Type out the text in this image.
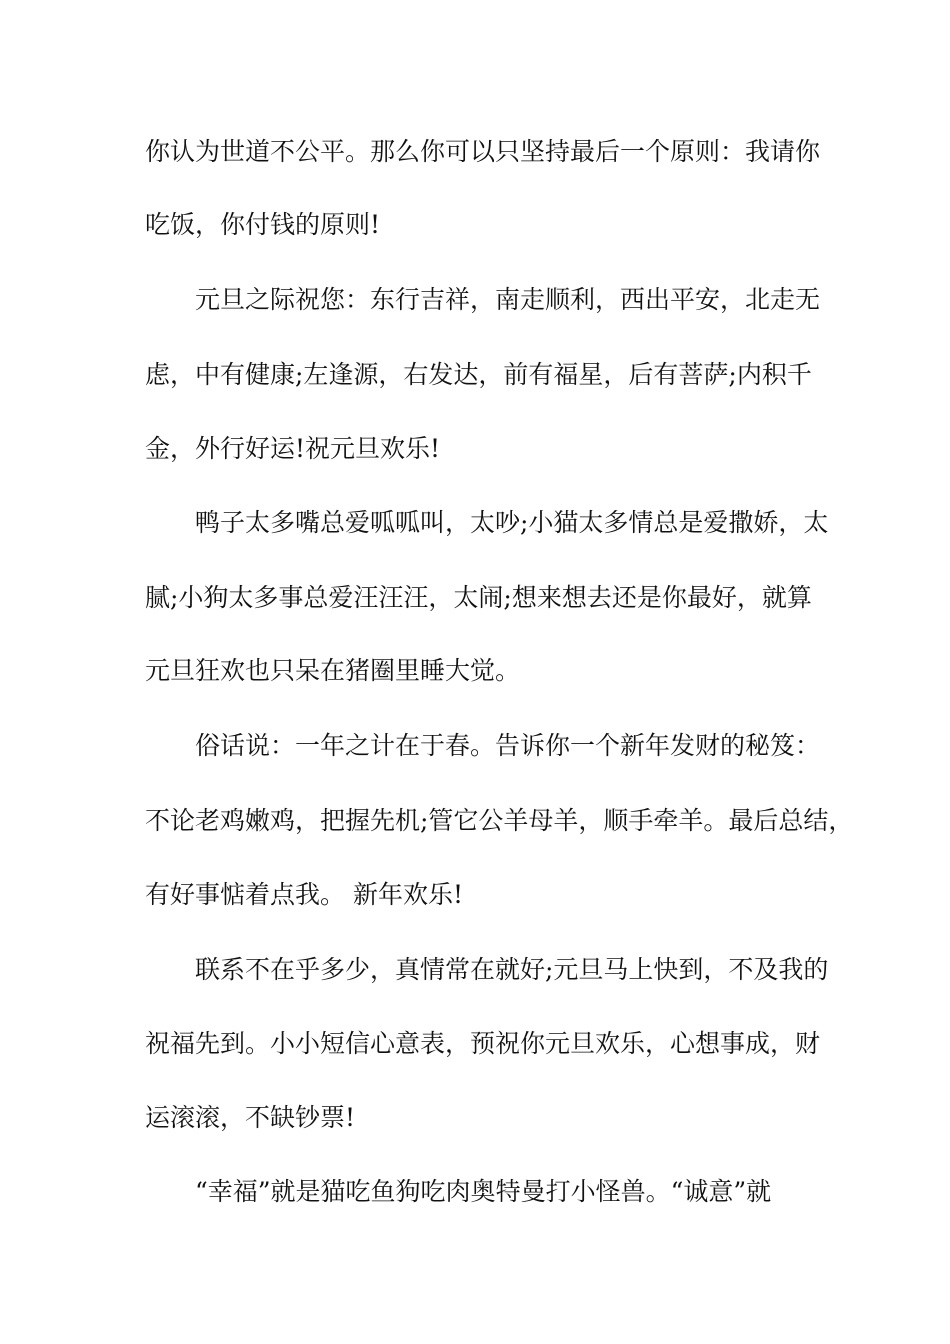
你认为世道不公平。那么你可以只坚持最后一个原则：我请你
吃饭，你付钱的原则!
元旦之际祝您：东行吉祥，南走顺利，西出平安，北走无
虑，中有健康;左逢源，右发达，前有福星，后有菩萨;内积千
金，外行好运!祝元旦欢乐!
鸭子太多嘴总爱呱呱叫，太吵;小猫太多情总是爱撒娇，太
腻;小狗太多事总爱汪汪汪，太闹;想来想去还是你最好，就算
元旦狂欢也只呆在猪圈里睡大觉。
俗话说：一年之计在于春。告诉你一个新年发财的秘笈：
不论老鸡嫩鸡，把握先机;管它公羊母羊，顺手牵羊。最后总结，
有好事惦着点我。 新年欢乐!
联系不在乎多少，真情常在就好;元旦马上快到，不及我的
祝福先到。小小短信心意表，预祝你元旦欢乐，心想事成，财
运滚滚，不缺钞票!
“幸福”就是猫吃鱼狗吃肉奥特曼打小怪兽。“诚意”就
